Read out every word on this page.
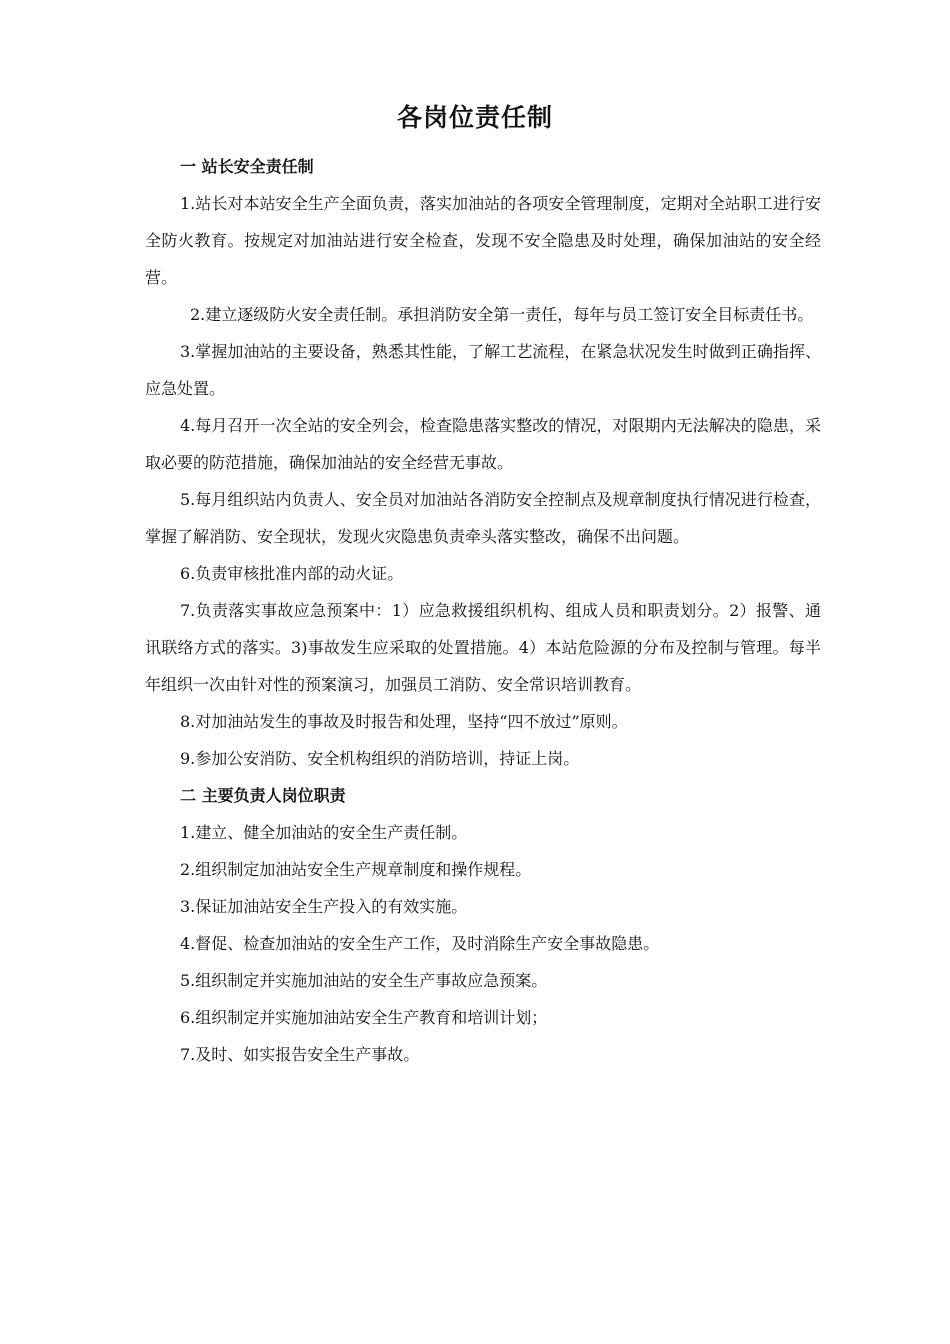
各岗位责任制

一 站长安全责任制

1.站长对本站安全生产全面负责，落实加油站的各项安全管理制度，定期对全站职工进行安全防火教育。按规定对加油站进行安全检查，发现不安全隐患及时处理，确保加油站的安全经营。

2.建立逐级防火安全责任制。承担消防安全第一责任，每年与员工签订安全目标责任书。

3.掌握加油站的主要设备，熟悉其性能，了解工艺流程，在紧急状况发生时做到正确指挥、应急处置。

4.每月召开一次全站的安全列会，检查隐患落实整改的情况，对限期内无法解决的隐患，采取必要的防范措施，确保加油站的安全经营无事故。

5.每月组织站内负责人、安全员对加油站各消防安全控制点及规章制度执行情况进行检查，掌握了解消防、安全现状，发现火灾隐患负责牵头落实整改，确保不出问题。

6.负责审核批准内部的动火证。

7.负责落实事故应急预案中：1）应急救援组织机构、组成人员和职责划分。2）报警、通讯联络方式的落实。3)事故发生应采取的处置措施。4）本站危险源的分布及控制与管理。每半年组织一次由针对性的预案演习，加强员工消防、安全常识培训教育。

8.对加油站发生的事故及时报告和处理，坚持“四不放过”原则。

9.参加公安消防、安全机构组织的消防培训，持证上岗。

二 主要负责人岗位职责

1.建立、健全加油站的安全生产责任制。

2.组织制定加油站安全生产规章制度和操作规程。

3.保证加油站安全生产投入的有效实施。

4.督促、检查加油站的安全生产工作，及时消除生产安全事故隐患。

5.组织制定并实施加油站的安全生产事故应急预案。

6.组织制定并实施加油站安全生产教育和培训计划；

7.及时、如实报告安全生产事故。
